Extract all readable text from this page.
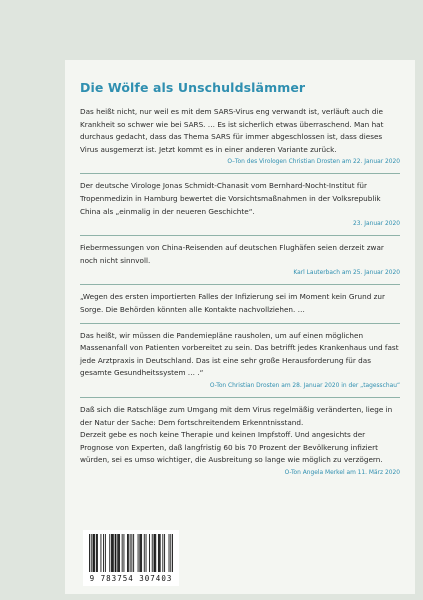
Die Wölfe als Unschuldslämmer

Das heißt nicht, nur weil es mit dem SARS-Virus eng verwandt ist, verläuft auch die Krankheit so schwer wie bei SARS. … Es ist sicherlich etwas überraschend. Man hat durchaus gedacht, dass das Thema SARS für immer abgeschlossen ist, dass dieses Virus ausgemerzt ist. Jetzt kommt es in einer anderen Variante zurück.

O–Ton des Virologen Christian Drosten am 22. Januar 2020

Der deutsche Virologe Jonas Schmidt-Chanasit vom Bernhard-Nocht-Institut für Tropenmedizin in Hamburg bewertet die Vorsichtsmaßnahmen in der Volksrepublik China als „einmalig in der neueren Geschichte“.

23. Januar 2020

Fiebermessungen von China-Reisenden auf deutschen Flughäfen seien derzeit zwar noch nicht sinnvoll.

Karl Lauterbach am 25. Januar 2020

„Wegen des ersten importierten Falles der Infizierung sei im Moment kein Grund zur Sorge. Die Behörden könnten alle Kontakte nachvollziehen. …

Das heißt, wir müssen die Pandemiepläne rausholen, um auf einen möglichen Massenanfall von Patienten vorbereitet zu sein. Das betrifft jedes Krankenhaus und fast jede Arztpraxis in Deutschland. Das ist eine sehr große Herausforderung für das gesamte Gesundheitssystem … .“

O-Ton Christian Drosten am 28. Januar 2020 in der „tagesschau“

Daß sich die Ratschläge zum Umgang mit dem Virus regelmäßig veränderten, liege in der Natur der Sache: Dem fortschreitendem Erkenntnisstand.

Derzeit gebe es noch keine Therapie und keinen Impfstoff. Und angesichts der Prognose von Experten, daß langfristig 60 bis 70 Prozent der Bevölkerung infiziert würden, sei es umso wichtiger, die Ausbreitung so lange wie möglich zu verzögern.

O-Ton Angela Merkel am 11. März 2020

9 783754 307403
